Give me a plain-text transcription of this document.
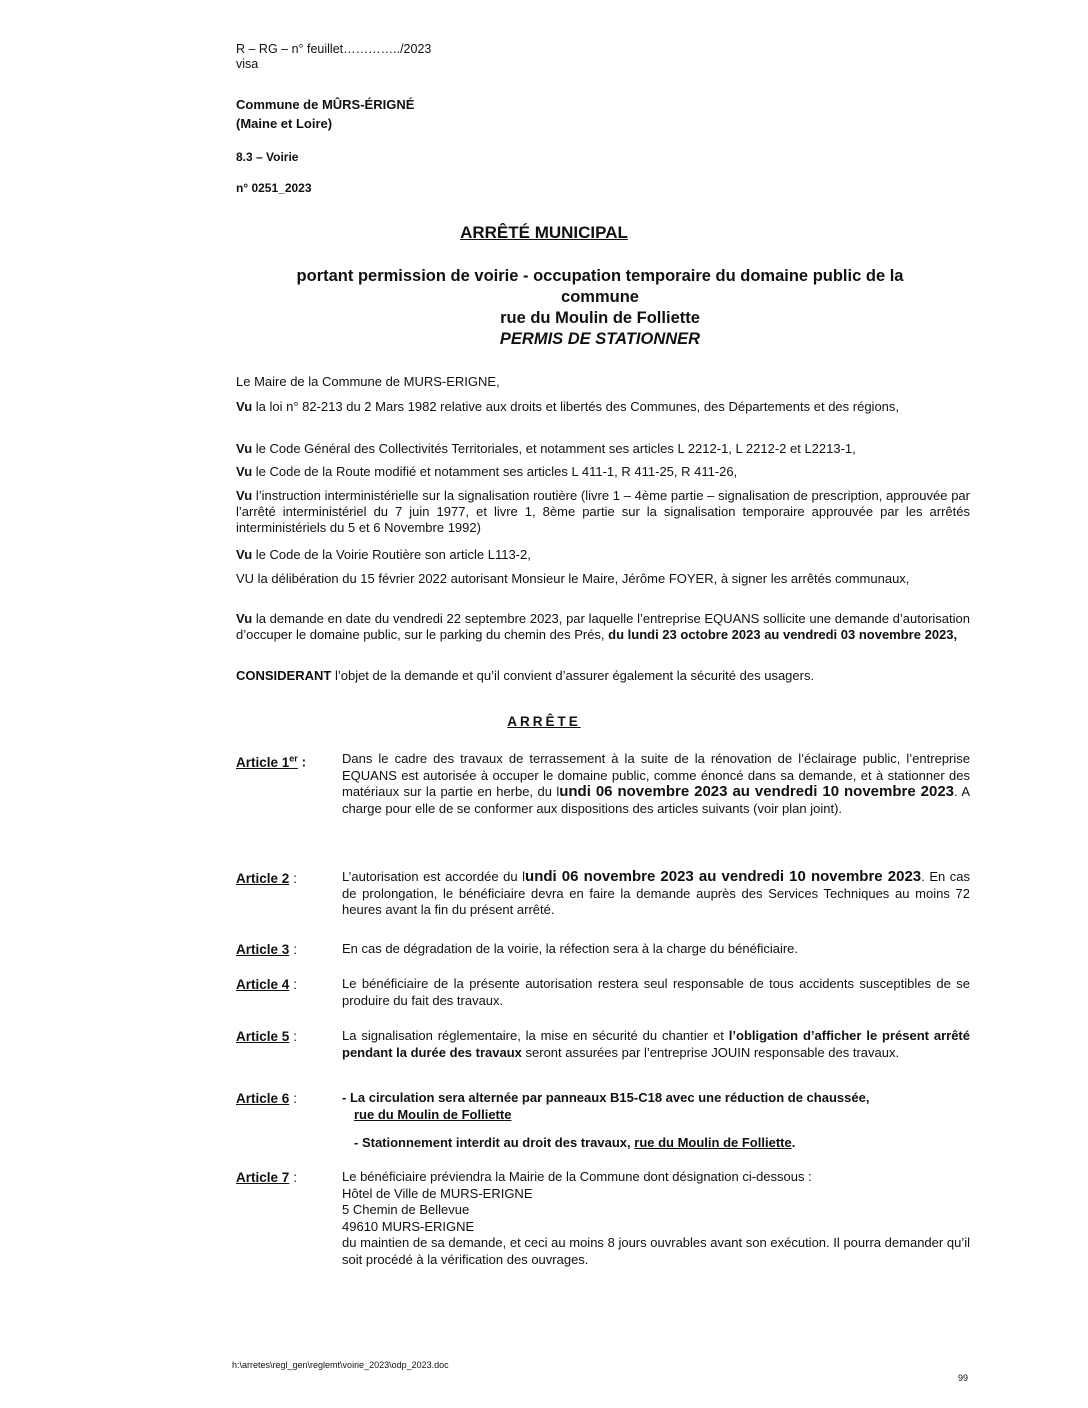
R – RG – n° feuillet…………../2023
visa
Commune de MÛRS-ÉRIGNÉ
(Maine et Loire)
8.3 – Voirie
n° 0251_2023
ARRÊTÉ MUNICIPAL
portant permission de voirie - occupation temporaire du domaine public de la
commune
rue du Moulin de Folliette
PERMIS DE STATIONNER
Le Maire de la Commune de MURS-ERIGNE,
Vu la loi n° 82-213 du 2 Mars 1982 relative aux droits et libertés des Communes, des Départements et des régions,
Vu le Code Général des Collectivités Territoriales, et notamment ses articles L 2212-1, L 2212-2 et L2213-1,
Vu le Code de la Route modifié et notamment ses articles L 411-1, R 411-25, R 411-26,
Vu l’instruction interministérielle sur la signalisation routière (livre 1 – 4ème partie – signalisation de prescription, approuvée par l’arrêté interministériel du 7 juin 1977, et livre 1, 8ème partie sur la signalisation temporaire approuvée par les arrêtés interministériels du 5 et 6 Novembre 1992)
Vu le Code de la Voirie Routière son article L113-2,
VU la délibération du 15 février 2022 autorisant Monsieur le Maire, Jérôme FOYER, à signer les arrêtés communaux,
Vu la demande en date du vendredi 22 septembre 2023, par laquelle l’entreprise EQUANS sollicite une demande d’autorisation d’occuper le domaine public, sur le parking du chemin des Prés, du lundi 23 octobre 2023 au vendredi 03 novembre 2023,
CONSIDERANT l’objet de la demande et qu’il convient d’assurer également la sécurité des usagers.
ARRÊTE
Article 1er :	Dans le cadre des travaux de terrassement à la suite de la rénovation de l’éclairage public, l’entreprise EQUANS est autorisée à occuper le domaine public, comme énoncé dans sa demande, et à stationner des matériaux sur la partie en herbe, du lundi 06 novembre 2023 au vendredi 10 novembre 2023. A charge pour elle de se conformer aux dispositions des articles suivants (voir plan joint).
Article 2 :	L’autorisation est accordée du lundi 06 novembre 2023 au vendredi 10 novembre 2023. En cas de prolongation, le bénéficiaire devra en faire la demande auprès des Services Techniques au moins 72 heures avant la fin du présent arrêté.
Article 3 :	En cas de dégradation de la voirie, la réfection sera à la charge du bénéficiaire.
Article 4 :	Le bénéficiaire de la présente autorisation restera seul responsable de tous accidents susceptibles de se produire du fait des travaux.
Article 5 :	La signalisation réglementaire, la mise en sécurité du chantier et l’obligation d’afficher le présent arrêté pendant la durée des travaux seront assurées par l’entreprise JOUIN responsable des travaux.
Article 6 :	- La circulation sera alternée par panneaux B15-C18 avec une réduction de chaussée,
rue du Moulin de Folliette
- Stationnement interdit au droit des travaux, rue du Moulin de Folliette.
Article 7 :	Le bénéficiaire préviendra la Mairie de la Commune dont désignation ci-dessous :
Hôtel de Ville de MURS-ERIGNE
5 Chemin de Bellevue
49610 MURS-ERIGNE
du maintien de sa demande, et ceci au moins 8 jours ouvrables avant son exécution. Il pourra demander qu’il soit procédé à la vérification des ouvrages.
h:\arretes\regl_gen\reglemt\voirie_2023\odp_2023.doc
99
